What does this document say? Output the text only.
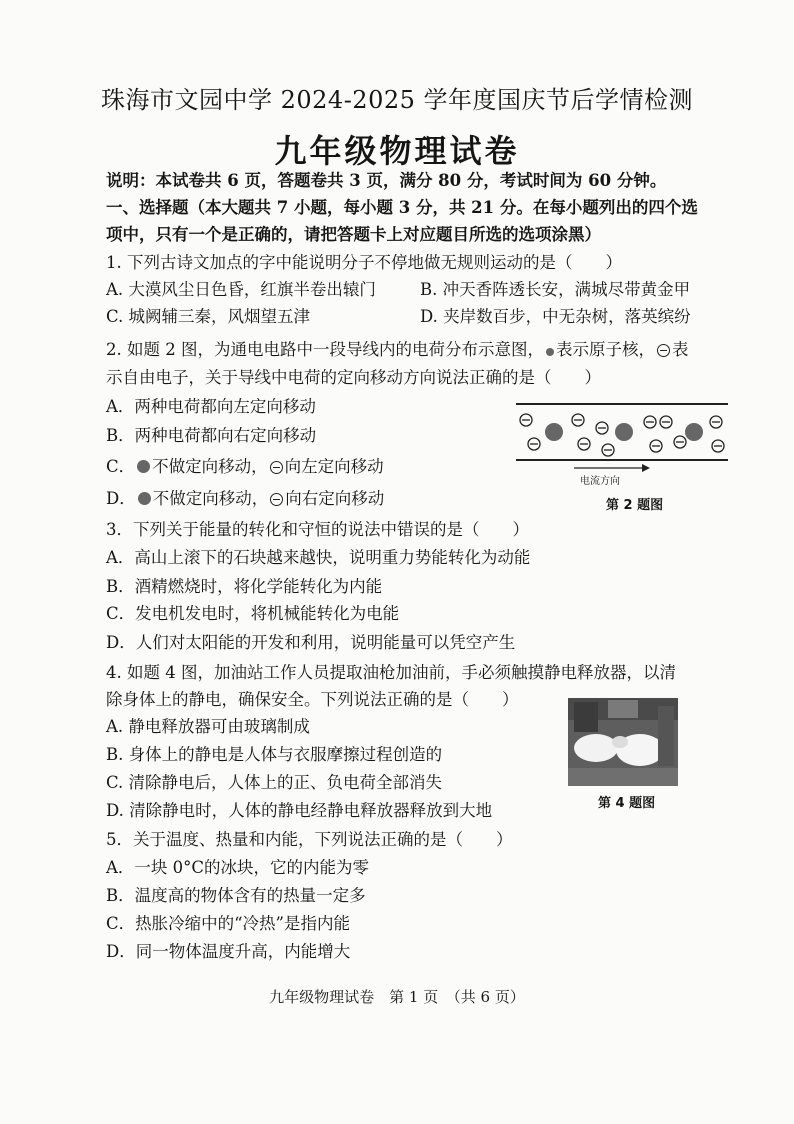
珠海市文园中学 2024-2025 学年度国庆节后学情检测
九年级物理试卷
说明：本试卷共 6 页，答题卷共 3 页，满分 80 分，考试时间为 60 分钟。
一、选择题（本大题共 7 小题，每小题 3 分，共 21 分。在每小题列出的四个选
项中，只有一个是正确的，请把答题卡上对应题目所选的选项涂黑）
1. 下列古诗文加点的字中能说明分子不停地做无规则运动的是（　　）
A. 大漠风尘日色昏，红旗半卷出辕门	B. 冲天香阵透长安，满城尽带黄金甲
C. 城阙辅三秦，风烟望五津	D. 夹岸数百步，中无杂树，落英缤纷
2. 如题 2 图，为通电电路中一段导线内的电荷分布示意图， 表示原子核， 表
示自由电子，关于导线中电荷的定向移动方向说法正确的是（　　）
A．两种电荷都向左定向移动
B．两种电荷都向右定向移动
C． 不做定向移动， 向左定向移动
D． 不做定向移动， 向右定向移动
电流方向
第 2 题图
3．下列关于能量的转化和守恒的说法中错误的是（　　）
A．高山上滚下的石块越来越快，说明重力势能转化为动能
B．酒精燃烧时，将化学能转化为内能
C．发电机发电时，将机械能转化为电能
D．人们对太阳能的开发和利用，说明能量可以凭空产生
4. 如题 4 图，加油站工作人员提取油枪加油前，手必须触摸静电释放器，以清
除身体上的静电，确保安全。下列说法正确的是（　　）
A. 静电释放器可由玻璃制成
B. 身体上的静电是人体与衣服摩擦过程创造的
C. 清除静电后，人体上的正、负电荷全部消失
D. 清除静电时，人体的静电经静电释放器释放到大地	第 4 题图
5．关于温度、热量和内能，下列说法正确的是（　　）
A．一块 0°C的冰块，它的内能为零
B．温度高的物体含有的热量一定多
C．热胀冷缩中的“冷热”是指内能
D．同一物体温度升高，内能增大
九年级物理试卷　第 1 页　（共 6 页）
